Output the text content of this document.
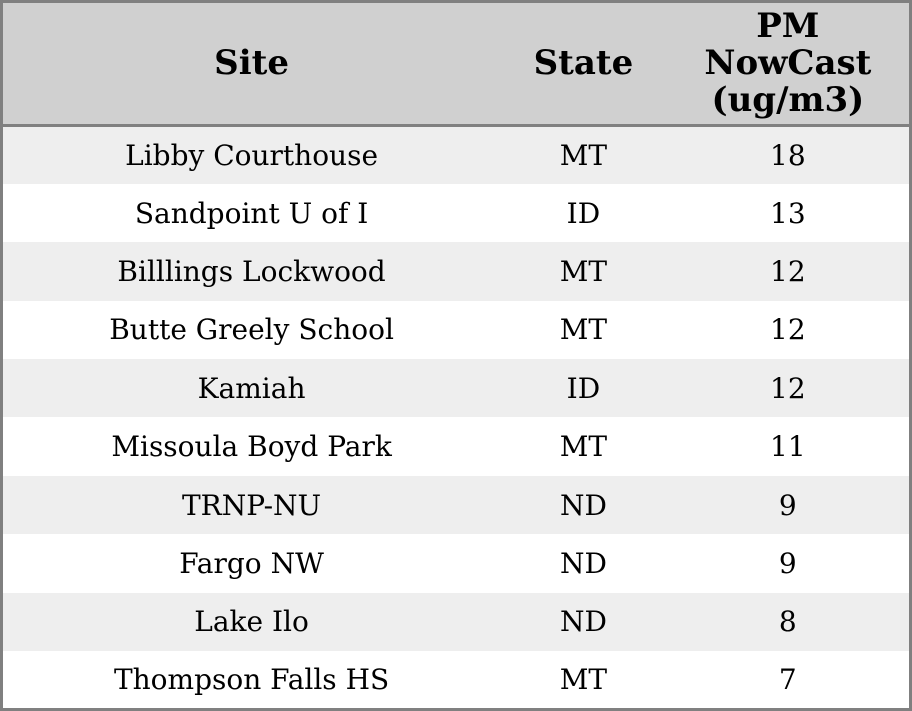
Site	State	PM NowCast (ug/m3)
Libby Courthouse	MT	18
Sandpoint U of I	ID	13
Billlings Lockwood	MT	12
Butte Greely School	MT	12
Kamiah	ID	12
Missoula Boyd Park	MT	11
TRNP-NU	ND	9
Fargo NW	ND	9
Lake Ilo	ND	8
Thompson Falls HS	MT	7
